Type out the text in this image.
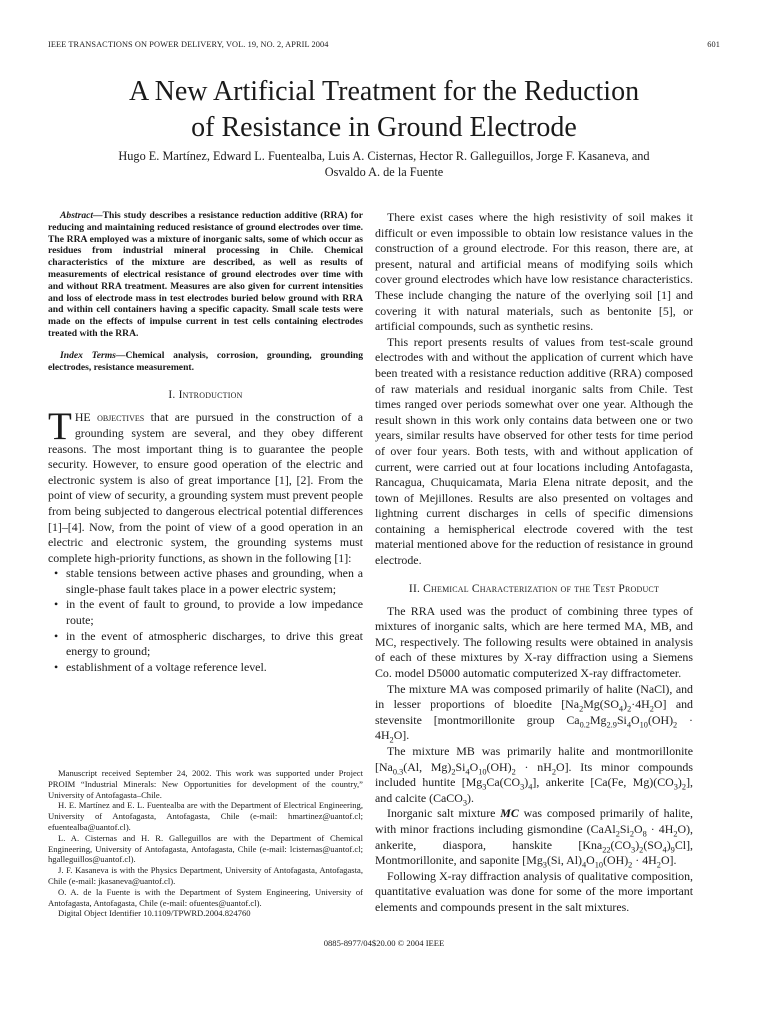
IEEE TRANSACTIONS ON POWER DELIVERY, VOL. 19, NO. 2, APRIL 2004	601
A New Artificial Treatment for the Reduction
of Resistance in Ground Electrode
Hugo E. Martínez, Edward L. Fuentealba, Luis A. Cisternas, Hector R. Galleguillos, Jorge F. Kasaneva, and
Osvaldo A. de la Fuente

Abstract—This study describes a resistance reduction additive (RRA) for reducing and maintaining reduced resistance of ground electrodes over time. The RRA employed was a mixture of inorganic salts, some of which occur as residues from industrial mineral processing in Chile. Chemical characteristics of the mixture are described, as well as results of measurements of electrical resistance of ground electrodes over time with and without RRA treatment. Measures are also given for current intensities and loss of electrode mass in test electrodes buried below ground with RRA and within cell containers having a specific capacity. Small scale tests were made on the effects of impulse current in test cells containing electrodes treated with the RRA.

Index Terms—Chemical analysis, corrosion, grounding, grounding electrodes, resistance measurement.

I. Introduction

THE objectives that are pursued in the construction of a grounding system are several, and they obey different reasons. The most important thing is to guarantee the people security. However, to ensure good operation of the electric and electronic system is also of great importance [1], [2]. From the point of view of security, a grounding system must prevent people from being subjected to dangerous electrical potential differences [1]–[4]. Now, from the point of view of a good operation in an electric and electronic system, the grounding systems must complete high-priority functions, as shown in the following [1]:

• stable tensions between active phases and grounding, when a single-phase fault takes place in a power electric system;
• in the event of fault to ground, to provide a low impedance route;
• in the event of atmospheric discharges, to drive this great energy to ground;
• establishment of a voltage reference level.

Manuscript received September 24, 2002. This work was supported under Project PROIM “Industrial Minerals: New Opportunities for development of the country,” University of Antofagasta–Chile.

H. E. Martínez and E. L. Fuentealba are with the Department of Electrical Engineering, University of Antofagasta, Antofagasta, Chile (e-mail: hmartinez@uantof.cl; efuentealba@uantof.cl).

L. A. Cisternas and H. R. Galleguillos are with the Department of Chemical Engineering, University of Antofagasta, Antofagasta, Chile (e-mail: lcisternas@uantof.cl; hgalleguillos@uantof.cl).

J. F. Kasaneva is with the Physics Department, University of Antofagasta, Antofagasta, Chile (e-mail: jkasaneva@uantof.cl).

O. A. de la Fuente is with the Department of System Engineering, University of Antofagasta, Antofagasta, Chile (e-mail: ofuentes@uantof.cl).

Digital Object Identifier 10.1109/TPWRD.2004.824760

There exist cases where the high resistivity of soil makes it difficult or even impossible to obtain low resistance values in the construction of a ground electrode. For this reason, there are, at present, natural and artificial means of modifying soils which cover ground electrodes which have low resistance characteristics. These include changing the nature of the overlying soil [1] and covering it with natural materials, such as bentonite [5], or artificial compounds, such as synthetic resins.

This report presents results of values from test-scale ground electrodes with and without the application of current which have been treated with a resistance reduction additive (RRA) composed of raw materials and residual inorganic salts from Chile. Test times ranged over periods somewhat over one year. Although the result shown in this work only contains data between one or two years, similar results have observed for other tests for time period of over four years. Both tests, with and without application of current, were carried out at four locations including Antofagasta, Rancagua, Chuquicamata, Maria Elena nitrate deposit, and the town of Mejillones. Results are also presented on voltages and lightning current discharges in cells of specific dimensions containing a hemispherical electrode covered with the test material mentioned above for the reduction of resistance in ground electrode.

II. Chemical Characterization of the Test Product

The RRA used was the product of combining three types of mixtures of inorganic salts, which are here termed MA, MB, and MC, respectively. The following results were obtained in analysis of each of these mixtures by X-ray diffraction using a Siemens Co. model D5000 automatic computerized X-ray diffractometer.

The mixture MA was composed primarily of halite (NaCl), and in lesser proportions of bloedite $[Na_2Mg(SO_4)_2\cdot 4H_2O]$ and stevensite [montmorillonite group $Ca_{0.2}Mg_{2.9}Si_4O_{10}(OH)_2 \cdot 4H_2O$].

The mixture MB was primarily halite and montmorillonite [$Na_{0.3}(Al$, $Mg)_2Si_4O_{10}(OH)_2 \cdot nH_2O$]. Its minor compounds included huntite $[Mg_3Ca(CO_3)_4]$, ankerite [Ca(Fe, $Mg)(CO_3)_2$], and calcite (CaCO$_3$).

Inorganic salt mixture MC was composed primarily of halite, with minor fractions including gismondine $(CaAl_2Si_2O_8 \cdot 4H_2O)$, ankerite, diaspora, hanskite $[Kna_{22}(CO_3)_2(SO_4)_9Cl]$, Montmorillonite, and saponite [$Mg_3(Si$, $Al)_4O_{10}(OH)_2 \cdot 4H_2O$].

Following X-ray diffraction analysis of qualitative composition, quantitative evaluation was done for some of the more important elements and compounds present in the salt mixtures.

0885-8977/04$20.00 © 2004 IEEE
